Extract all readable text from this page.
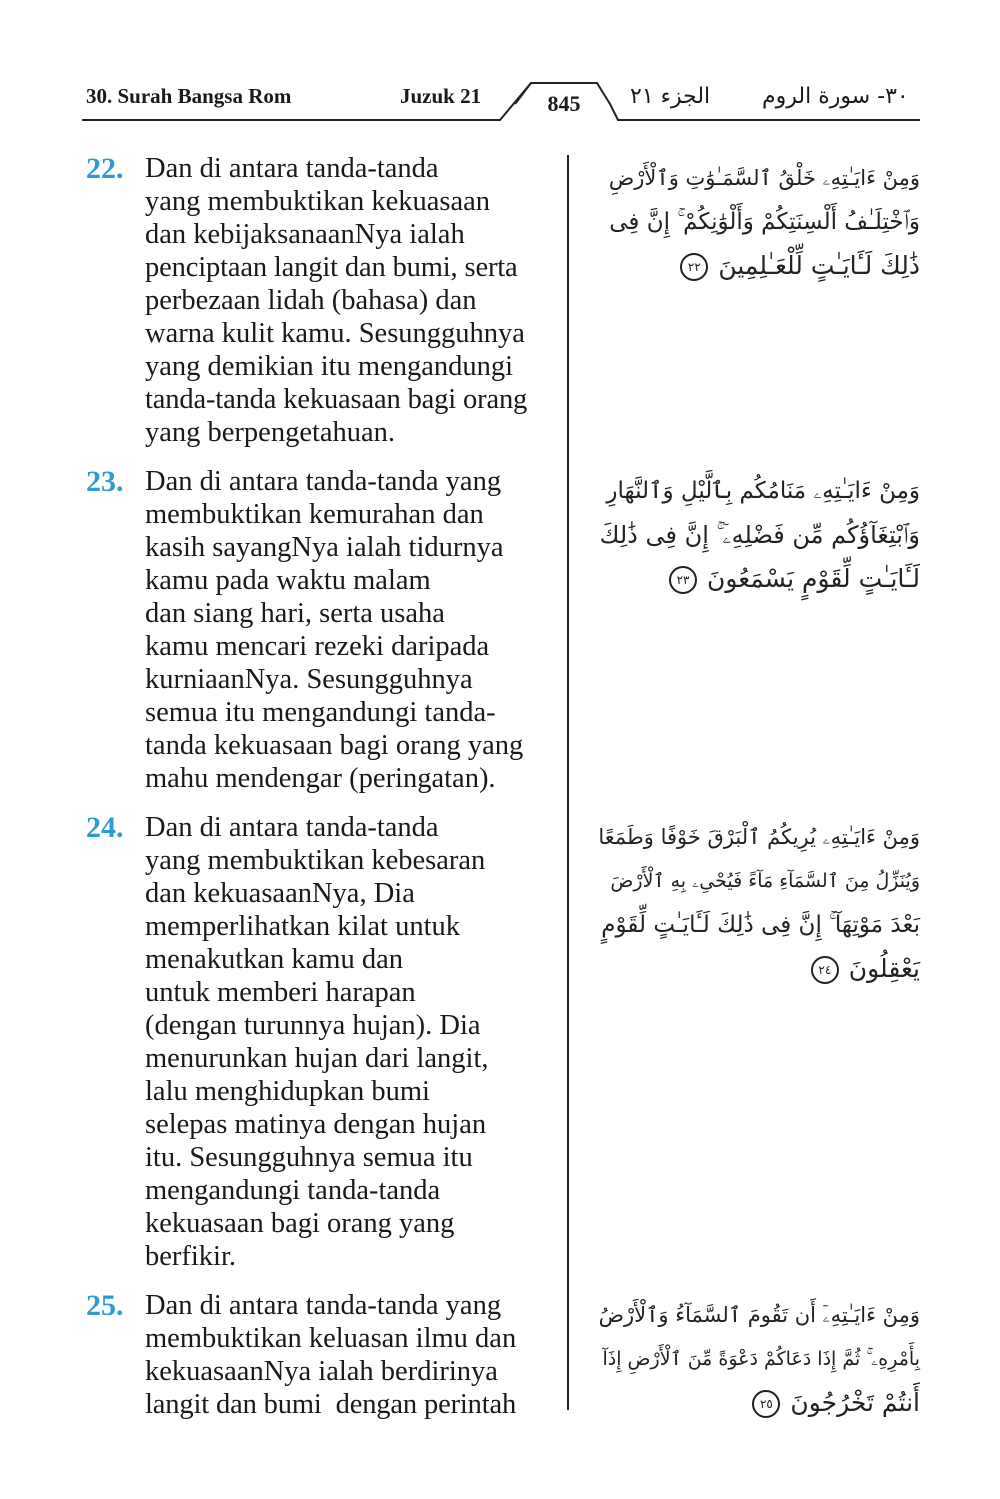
30. Surah Bangsa Rom	Juzuk 21	845	الجزء ٢١ ٣٠- سورة الروم
22. Dan di antara tanda-tanda
yang membuktikan kekuasaan
dan kebijaksanaanNya ialah
penciptaan langit dan bumi, serta
perbezaan lidah (bahasa) dan
warna kulit kamu. Sesungguhnya
yang demikian itu mengandungi
tanda-tanda kekuasaan bagi orang
yang berpengetahuan.
وَمِنْ ءَايَـٰتِهِۦ خَلْقُ ٱلسَّمَـٰوَٰتِ وَٱلْأَرْضِ
وَٱخْتِلَـٰفُ أَلْسِنَتِكُمْ وَأَلْوَٰنِكُمْ ۚ إِنَّ فِى
ذَٰلِكَ لَـَٔايَـٰتٍ لِّلْعَـٰلِمِينَ ٢٢
23. Dan di antara tanda-tanda yang
membuktikan kemurahan dan
kasih sayangNya ialah tidurnya
kamu pada waktu malam
dan siang hari, serta usaha
kamu mencari rezeki daripada
kurniaanNya. Sesungguhnya
semua itu mengandungi tanda-
tanda kekuasaan bagi orang yang
mahu mendengar (peringatan).
وَمِنْ ءَايَـٰتِهِۦ مَنَامُكُم بِٱلَّيْلِ وَٱلنَّهَارِ
وَٱبْتِغَآؤُكُم مِّن فَضْلِهِۦٓ ۚ إِنَّ فِى ذَٰلِكَ
لَـَٔايَـٰتٍ لِّقَوْمٍ يَسْمَعُونَ ٢٣
24. Dan di antara tanda-tanda
yang membuktikan kebesaran
dan kekuasaanNya, Dia
memperlihatkan kilat untuk
menakutkan kamu dan
untuk memberi harapan
(dengan turunnya hujan). Dia
menurunkan hujan dari langit,
lalu menghidupkan bumi
selepas matinya dengan hujan
itu. Sesungguhnya semua itu
mengandungi tanda-tanda
kekuasaan bagi orang yang
berfikir.
وَمِنْ ءَايَـٰتِهِۦ يُرِيكُمُ ٱلْبَرْقَ خَوْفًا وَطَمَعًا
وَيُنَزِّلُ مِنَ ٱلسَّمَآءِ مَآءً فَيُحْىِۦ بِهِ ٱلْأَرْضَ
بَعْدَ مَوْتِهَآ ۚ إِنَّ فِى ذَٰلِكَ لَـَٔايَـٰتٍ لِّقَوْمٍ
يَعْقِلُونَ ٢٤
25. Dan di antara tanda-tanda yang
membuktikan keluasan ilmu dan
kekuasaanNya ialah berdirinya
langit dan bumi  dengan perintah
وَمِنْ ءَايَـٰتِهِۦٓ أَن تَقُومَ ٱلسَّمَآءُ وَٱلْأَرْضُ
بِأَمْرِهِۦ ۚ ثُمَّ إِذَا دَعَاكُمْ دَعْوَةً مِّنَ ٱلْأَرْضِ إِذَآ
أَنتُمْ تَخْرُجُونَ ٢٥
